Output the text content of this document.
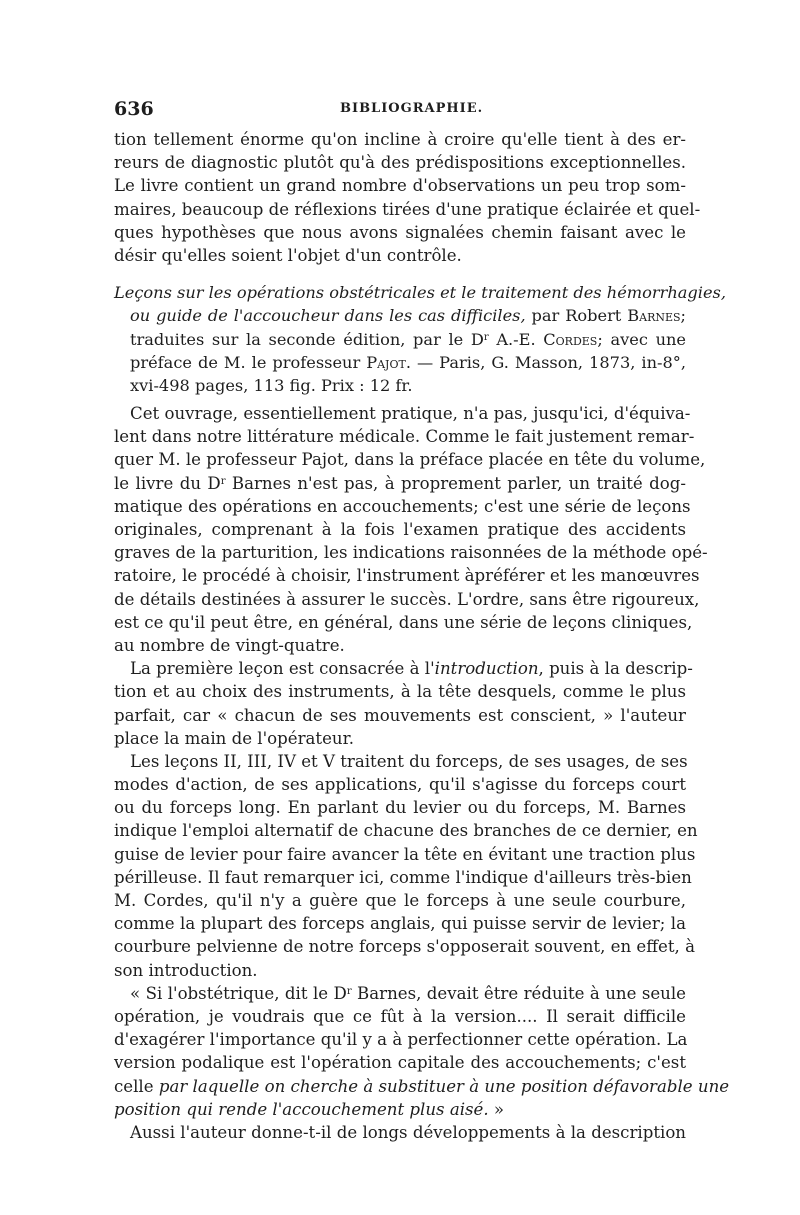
636	BIBLIOGRAPHIE.
tion tellement énorme qu'on incline à croire qu'elle tient à des er-
reurs de diagnostic plutôt qu'à des prédispositions exceptionnelles.
Le livre contient un grand nombre d'observations un peu trop som-
maires, beaucoup de réflexions tirées d'une pratique éclairée et quel-
ques hypothèses que nous avons signalées chemin faisant avec le
désir qu'elles soient l'objet d'un contrôle.
Leçons sur les opérations obstétricales et le traitement des hémorrhagies,
ou guide de l'accoucheur dans les cas difficiles, par Robert Barnes;
traduites sur la seconde édition, par le $D^r$ A.-E. Cordes; avec une
préface de M. le professeur Pajot. — Paris, G. Masson, 1873, in-8°,
xvi-498 pages, 113 fig. Prix : 12 fr.
Cet ouvrage, essentiellement pratique, n'a pas, jusqu'ici, d'équiva-
lent dans notre littérature médicale. Comme le fait justement remar-
quer M. le professeur Pajot, dans la préface placée en tête du volume,
le livre du $D^r$ Barnes n'est pas, à proprement parler, un traité dog-
matique des opérations en accouchements; c'est une série de leçons
originales, comprenant à la fois l'examen pratique des accidents
graves de la parturition, les indications raisonnées de la méthode opé-
ratoire, le procédé à choisir, l'instrument àpréférer et les manœuvres
de détails destinées à assurer le succès. L'ordre, sans être rigoureux,
est ce qu'il peut être, en général, dans une série de leçons cliniques,
au nombre de vingt-quatre.
La première leçon est consacrée à l'introduction, puis à la descrip-
tion et au choix des instruments, à la tête desquels, comme le plus
parfait, car « chacun de ses mouvements est conscient, » l'auteur
place la main de l'opérateur.
Les leçons II, III, IV et V traitent du forceps, de ses usages, de ses
modes d'action, de ses applications, qu'il s'agisse du forceps court
ou du forceps long. En parlant du levier ou du forceps, M. Barnes
indique l'emploi alternatif de chacune des branches de ce dernier, en
guise de levier pour faire avancer la tête en évitant une traction plus
périlleuse. Il faut remarquer ici, comme l'indique d'ailleurs très-bien
M. Cordes, qu'il n'y a guère que le forceps à une seule courbure,
comme la plupart des forceps anglais, qui puisse servir de levier; la
courbure pelvienne de notre forceps s'opposerait souvent, en effet, à
son introduction.
« Si l'obstétrique, dit le $D^r$ Barnes, devait être réduite à une seule
opération, je voudrais que ce fût à la version.... Il serait difficile
d'exagérer l'importance qu'il y a à perfectionner cette opération. La
version podalique est l'opération capitale des accouchements; c'est
celle par laquelle on cherche à substituer à une position défavorable une
position qui rende l'accouchement plus aisé. »
Aussi l'auteur donne-t-il de longs développements à la description
